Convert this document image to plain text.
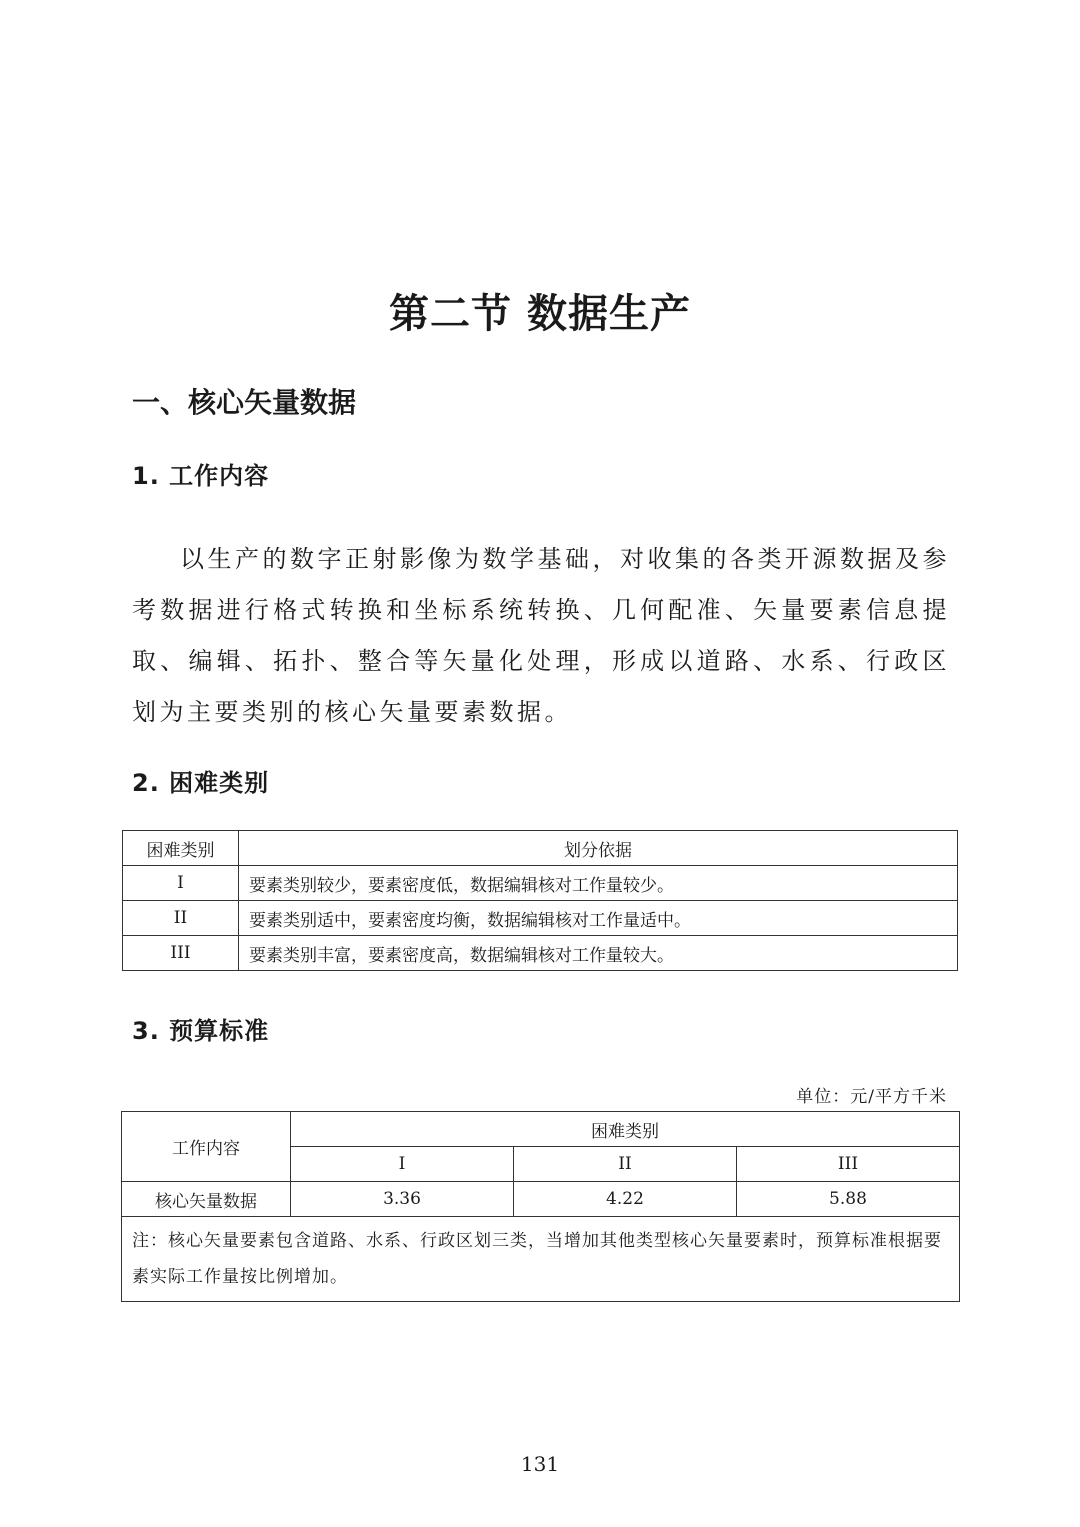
第二节 数据生产
一、核心矢量数据
1. 工作内容

以生产的数字正射影像为数学基础，对收集的各类开源数据及参考数据进行格式转换和坐标系统转换、几何配准、矢量要素信息提取、编辑、拓扑、整合等矢量化处理，形成以道路、水系、行政区划为主要类别的核心矢量要素数据。

2. 困难类别
困难类别	划分依据
I	要素类别较少，要素密度低，数据编辑核对工作量较少。
II	要素类别适中，要素密度均衡，数据编辑核对工作量适中。
III	要素类别丰富，要素密度高，数据编辑核对工作量较大。
3. 预算标准

单位：元/平方千米

工作内容	困难类别		
	I	II	III
核心矢量数据	3.36	4.22	5.88
注：核心矢量要素包含道路、水系、行政区划三类，当增加其他类型核心矢量要素时，预算标准根据要素实际工作量按比例增加。			

131
